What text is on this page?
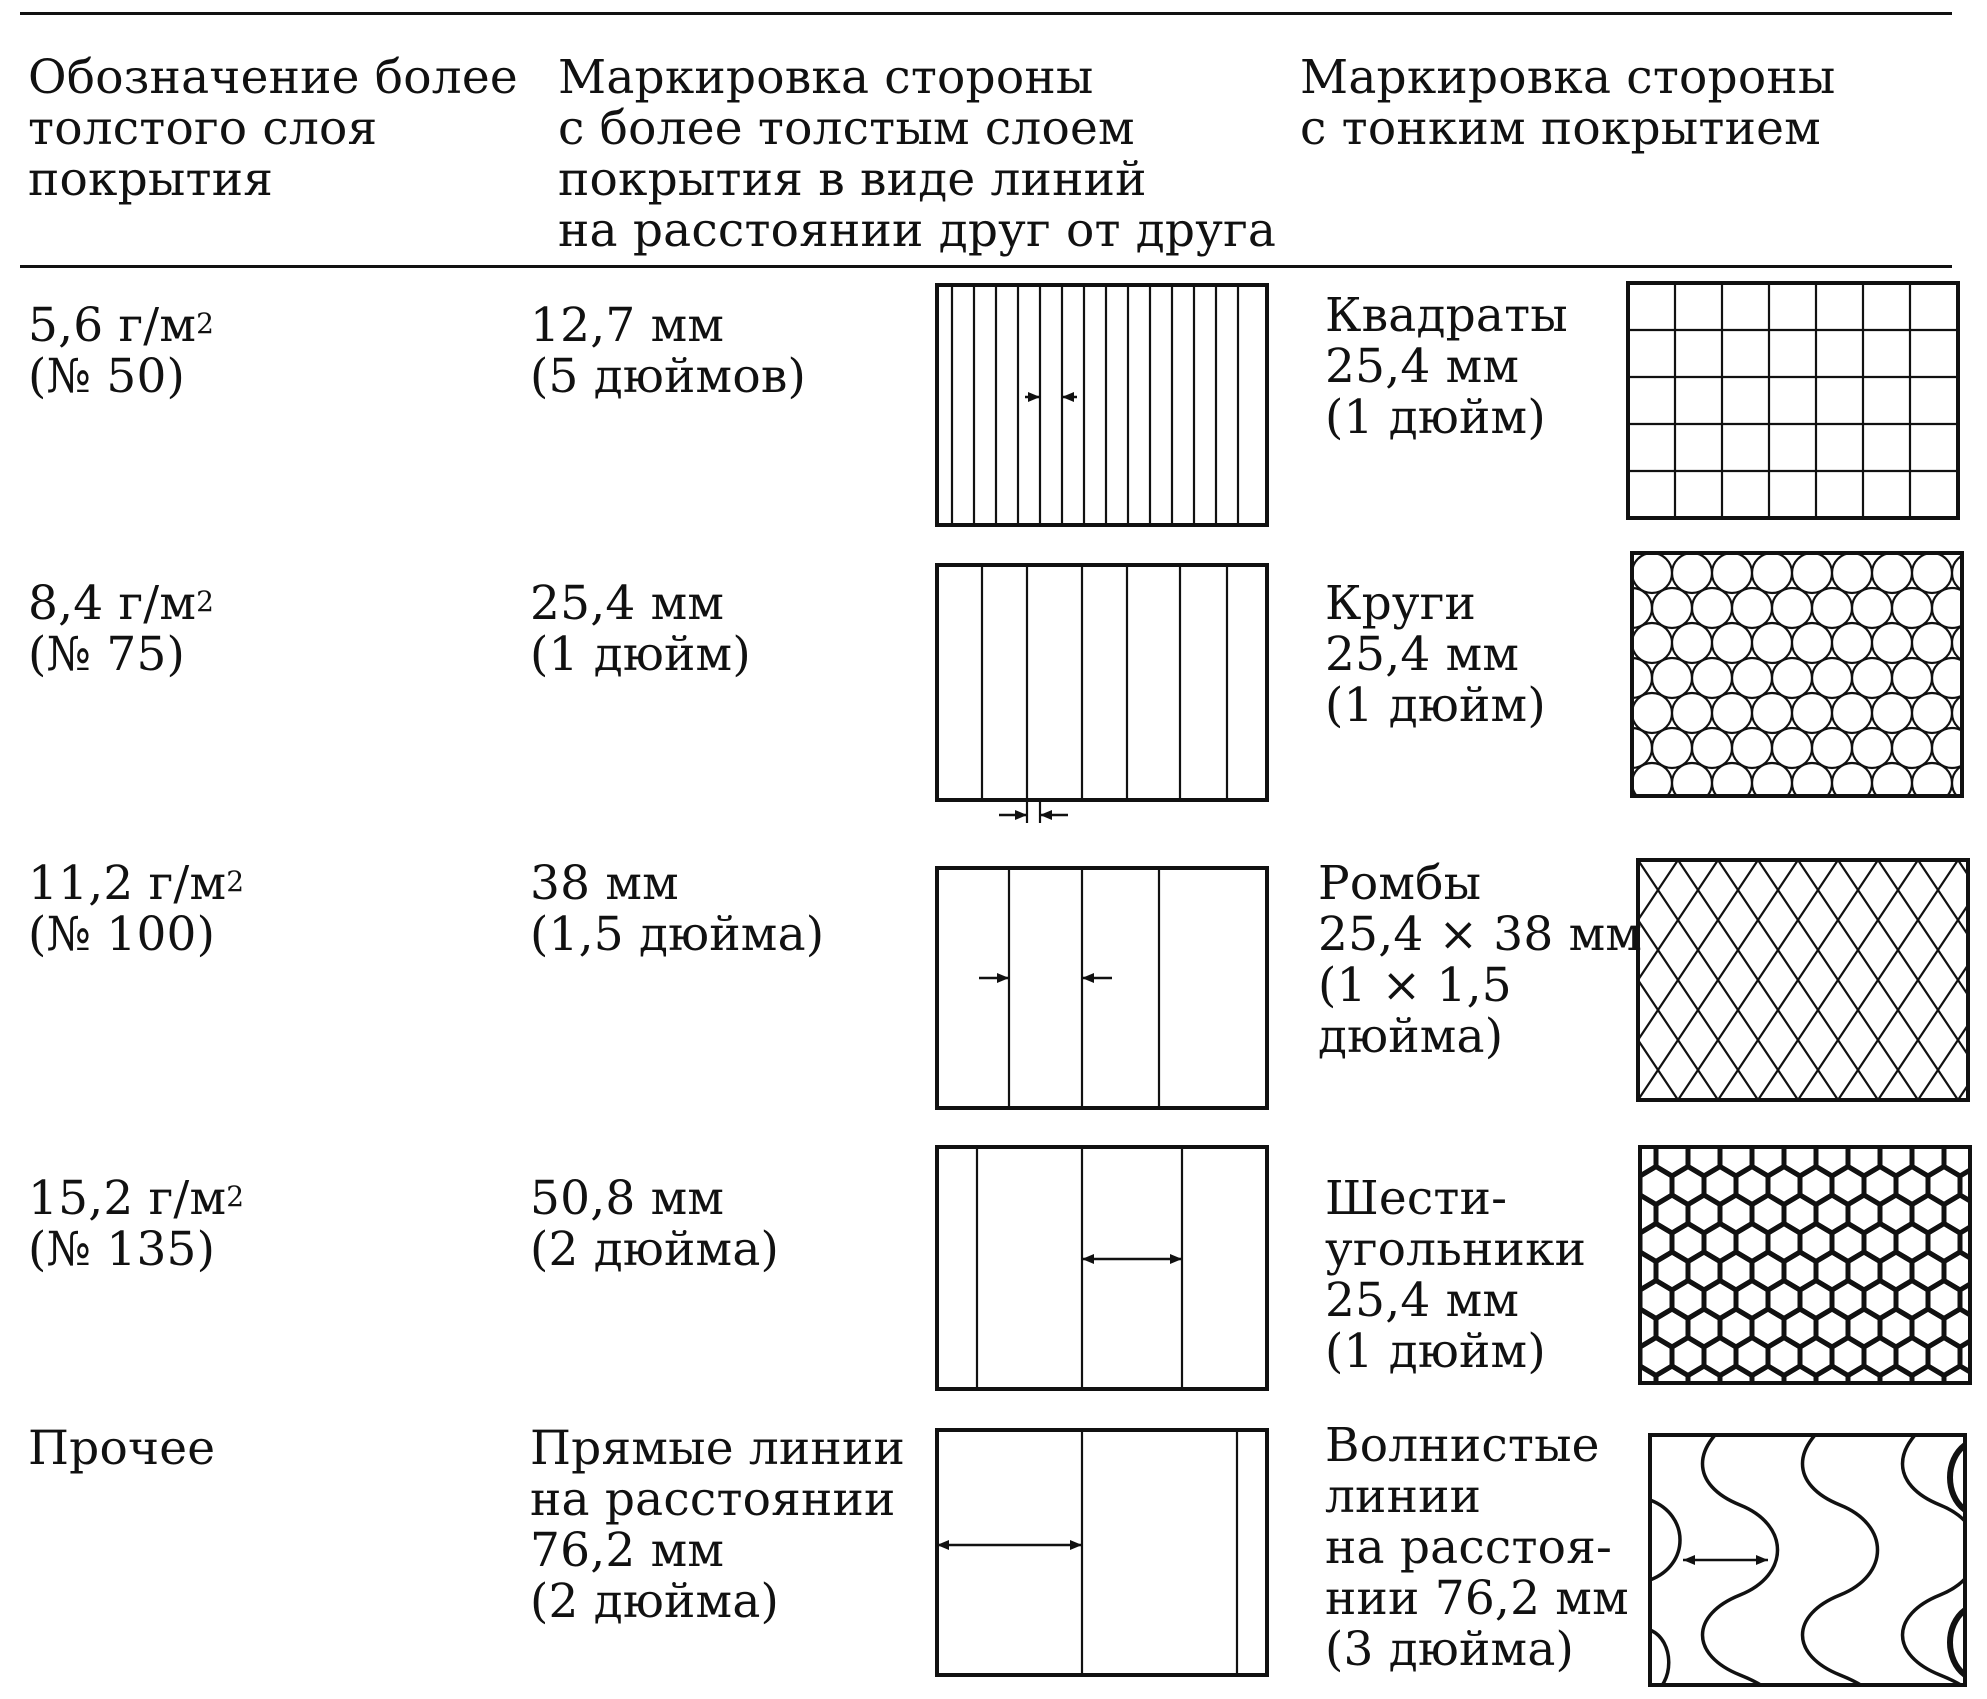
Обозначение более
толстого слоя
покрытия
Маркировка стороны
с более толстым слоем
покрытия в виде линий
на расстоянии друг от друга
Маркировка стороны
с тонким покрытием
5,6 $г/м^2$
(№ 50)
12,7 мм
(5 дюймов)
Квадраты
25,4 мм
(1 дюйм)
8,4 $г/м^2$
(№ 75)
25,4 мм
(1 дюйм)
Круги
25,4 мм
(1 дюйм)
11,2 $г/м^2$
(№ 100)
38 мм
(1,5 дюйма)
Ромбы
25,4 × 38 мм
(1 × 1,5
дюйма)
15,2 $г/м^2$
(№ 135)
50,8 мм
(2 дюйма)
Шести-
угольники
25,4 мм
(1 дюйм)
Прочее	Прямые линии
на расстоянии
76,2 мм
(2 дюйма)
Волнистые
линии
на расстоя-
нии 76,2 мм
(3 дюйма)
